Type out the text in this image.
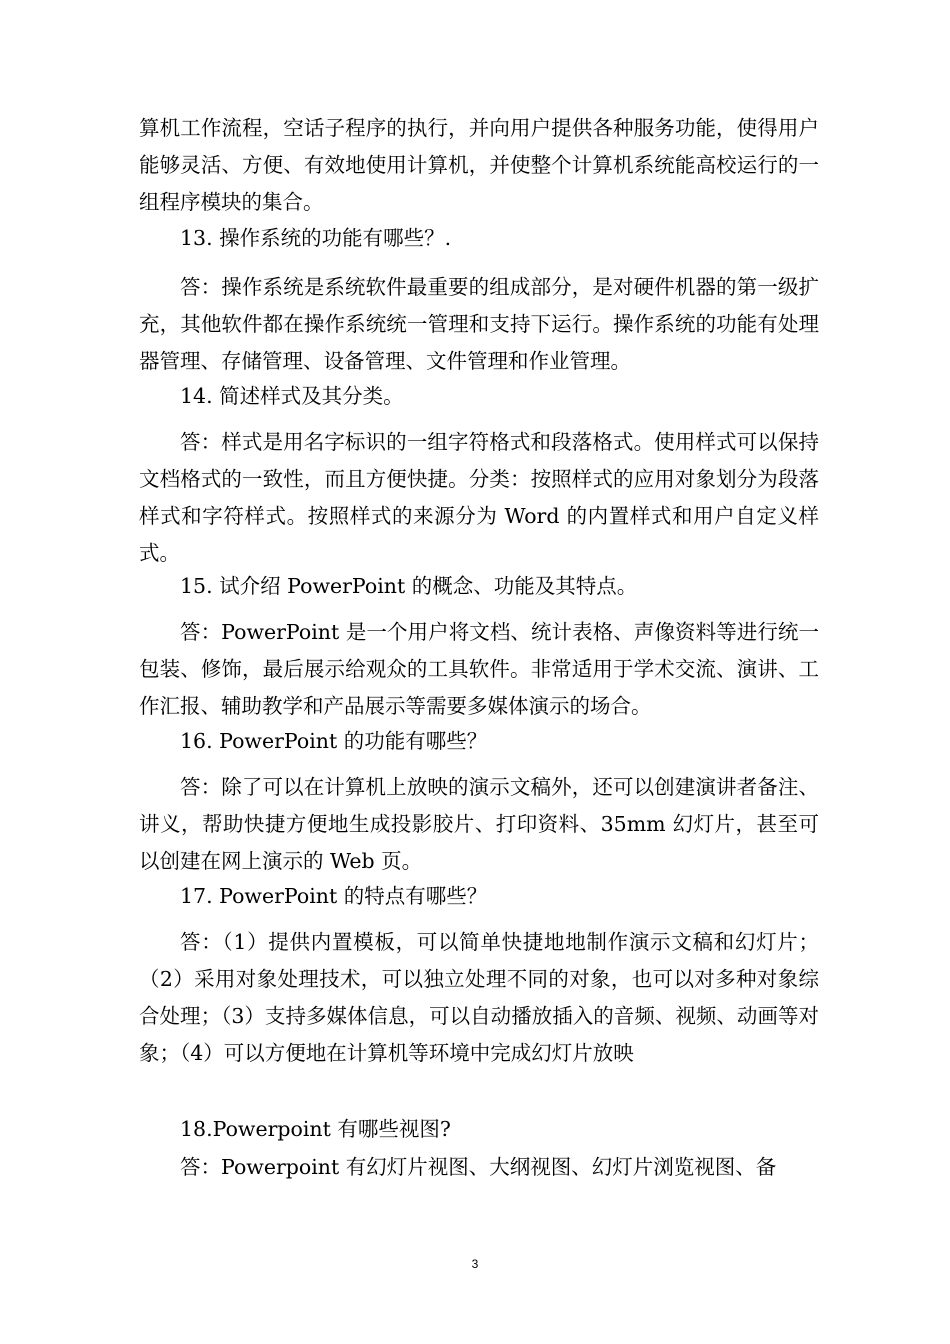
算机工作流程，空话子程序的执行，并向用户提供各种服务功能，使得用户能够灵活、方便、有效地使用计算机，并使整个计算机系统能高校运行的一组程序模块的集合。

13. 操作系统的功能有哪些？.

答：操作系统是系统软件最重要的组成部分，是对硬件机器的第一级扩充，其他软件都在操作系统统一管理和支持下运行。操作系统的功能有处理器管理、存储管理、设备管理、文件管理和作业管理。

14. 简述样式及其分类。

答：样式是用名字标识的一组字符格式和段落格式。使用样式可以保持文档格式的一致性，而且方便快捷。分类：按照样式的应用对象划分为段落样式和字符样式。按照样式的来源分为 Word 的内置样式和用户自定义样式。

15. 试介绍 PowerPoint 的概念、功能及其特点。

答：PowerPoint 是一个用户将文档、统计表格、声像资料等进行统一包装、修饰，最后展示给观众的工具软件。非常适用于学术交流、演讲、工作汇报、辅助教学和产品展示等需要多媒体演示的场合。

16. PowerPoint 的功能有哪些？

答：除了可以在计算机上放映的演示文稿外，还可以创建演讲者备注、讲义，帮助快捷方便地生成投影胶片、打印资料、35mm 幻灯片，甚至可以创建在网上演示的 Web 页。

17. PowerPoint 的特点有哪些？

答：（1）提供内置模板，可以简单快捷地地制作演示文稿和幻灯片；（2）采用对象处理技术，可以独立处理不同的对象，也可以对多种对象综合处理；（3）支持多媒体信息，可以自动播放插入的音频、视频、动画等对象；（4）可以方便地在计算机等环境中完成幻灯片放映

18.Powerpoint 有哪些视图?

答：Powerpoint 有幻灯片视图、大纲视图、幻灯片浏览视图、备

3
